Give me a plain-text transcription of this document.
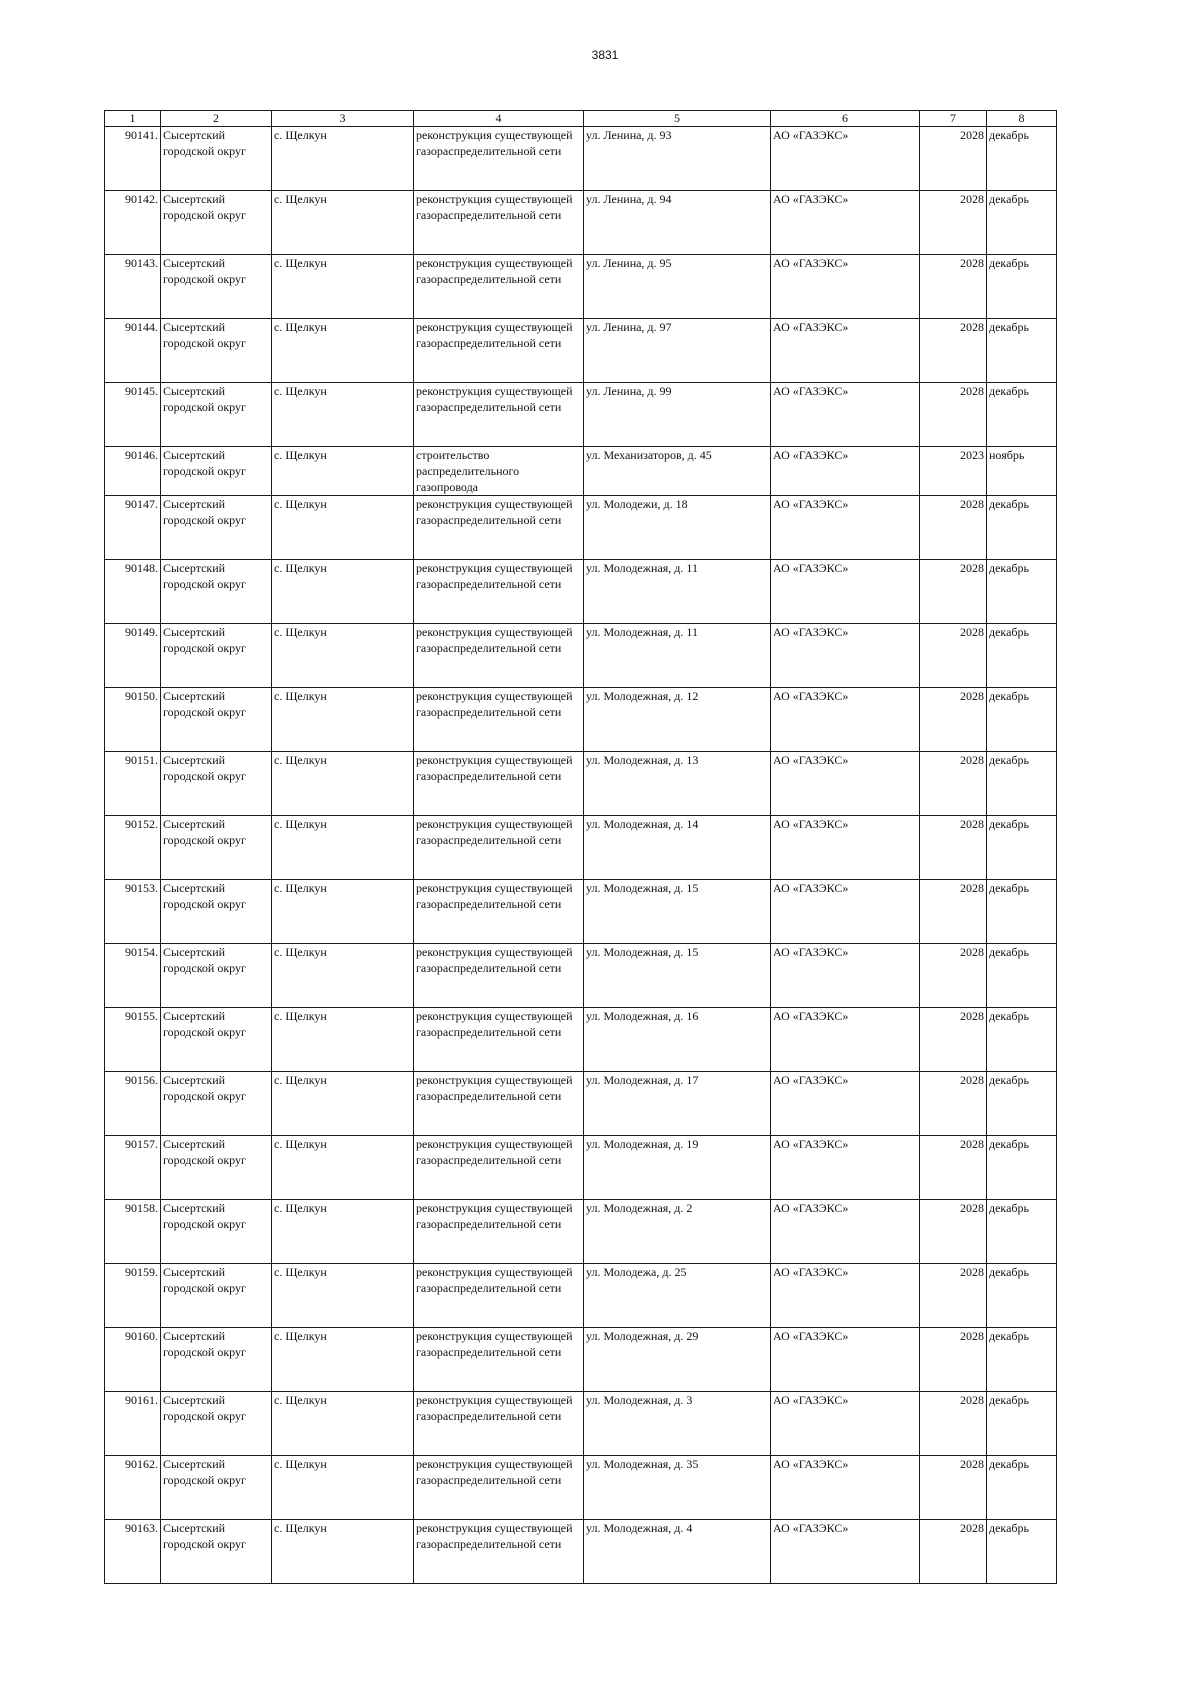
3831
1	2	3	4	5	6	7	8
90141.	Сысертский городской округ	с. Щелкун	реконструкция существующей газораспределительной сети	ул. Ленина, д. 93	АО «ГАЗЭКС»	2028	декабрь
90142.	Сысертский городской округ	с. Щелкун	реконструкция существующей газораспределительной сети	ул. Ленина, д. 94	АО «ГАЗЭКС»	2028	декабрь
90143.	Сысертский городской округ	с. Щелкун	реконструкция существующей газораспределительной сети	ул. Ленина, д. 95	АО «ГАЗЭКС»	2028	декабрь
90144.	Сысертский городской округ	с. Щелкун	реконструкция существующей газораспределительной сети	ул. Ленина, д. 97	АО «ГАЗЭКС»	2028	декабрь
90145.	Сысертский городской округ	с. Щелкун	реконструкция существующей газораспределительной сети	ул. Ленина, д. 99	АО «ГАЗЭКС»	2028	декабрь
90146.	Сысертский городской округ	с. Щелкун	строительство распределительного газопровода	ул. Механизаторов, д. 45	АО «ГАЗЭКС»	2023	ноябрь
90147.	Сысертский городской округ	с. Щелкун	реконструкция существующей газораспределительной сети	ул. Молодежи, д. 18	АО «ГАЗЭКС»	2028	декабрь
90148.	Сысертский городской округ	с. Щелкун	реконструкция существующей газораспределительной сети	ул. Молодежная, д. 11	АО «ГАЗЭКС»	2028	декабрь
90149.	Сысертский городской округ	с. Щелкун	реконструкция существующей газораспределительной сети	ул. Молодежная, д. 11	АО «ГАЗЭКС»	2028	декабрь
90150.	Сысертский городской округ	с. Щелкун	реконструкция существующей газораспределительной сети	ул. Молодежная, д. 12	АО «ГАЗЭКС»	2028	декабрь
90151.	Сысертский городской округ	с. Щелкун	реконструкция существующей газораспределительной сети	ул. Молодежная, д. 13	АО «ГАЗЭКС»	2028	декабрь
90152.	Сысертский городской округ	с. Щелкун	реконструкция существующей газораспределительной сети	ул. Молодежная, д. 14	АО «ГАЗЭКС»	2028	декабрь
90153.	Сысертский городской округ	с. Щелкун	реконструкция существующей газораспределительной сети	ул. Молодежная, д. 15	АО «ГАЗЭКС»	2028	декабрь
90154.	Сысертский городской округ	с. Щелкун	реконструкция существующей газораспределительной сети	ул. Молодежная, д. 15	АО «ГАЗЭКС»	2028	декабрь
90155.	Сысертский городской округ	с. Щелкун	реконструкция существующей газораспределительной сети	ул. Молодежная, д. 16	АО «ГАЗЭКС»	2028	декабрь
90156.	Сысертский городской округ	с. Щелкун	реконструкция существующей газораспределительной сети	ул. Молодежная, д. 17	АО «ГАЗЭКС»	2028	декабрь
90157.	Сысертский городской округ	с. Щелкун	реконструкция существующей газораспределительной сети	ул. Молодежная, д. 19	АО «ГАЗЭКС»	2028	декабрь
90158.	Сысертский городской округ	с. Щелкун	реконструкция существующей газораспределительной сети	ул. Молодежная, д. 2	АО «ГАЗЭКС»	2028	декабрь
90159.	Сысертский городской округ	с. Щелкун	реконструкция существующей газораспределительной сети	ул. Молодежа, д. 25	АО «ГАЗЭКС»	2028	декабрь
90160.	Сысертский городской округ	с. Щелкун	реконструкция существующей газораспределительной сети	ул. Молодежная, д. 29	АО «ГАЗЭКС»	2028	декабрь
90161.	Сысертский городской округ	с. Щелкун	реконструкция существующей газораспределительной сети	ул. Молодежная, д. 3	АО «ГАЗЭКС»	2028	декабрь
90162.	Сысертский городской округ	с. Щелкун	реконструкция существующей газораспределительной сети	ул. Молодежная, д. 35	АО «ГАЗЭКС»	2028	декабрь
90163.	Сысертский городской округ	с. Щелкун	реконструкция существующей газораспределительной сети	ул. Молодежная, д. 4	АО «ГАЗЭКС»	2028	декабрь
